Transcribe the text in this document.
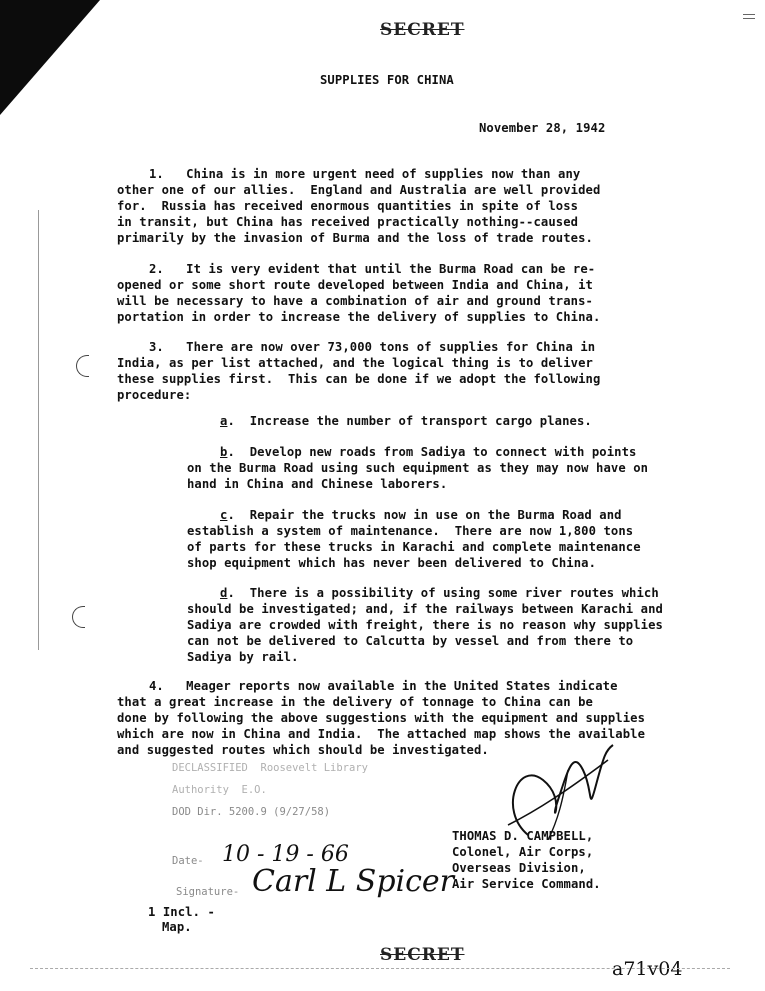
SECRET
SUPPLIES FOR CHINA
November 28, 1942
1.   China is in more urgent need of supplies now than any
other one of our allies.  England and Australia are well provided
for.  Russia has received enormous quantities in spite of loss
in transit, but China has received practically nothing--caused
primarily by the invasion of Burma and the loss of trade routes.
2.   It is very evident that until the Burma Road can be re-
opened or some short route developed between India and China, it
will be necessary to have a combination of air and ground trans-
portation in order to increase the delivery of supplies to China.
3.   There are now over 73,000 tons of supplies for China in
India, as per list attached, and the logical thing is to deliver
these supplies first.  This can be done if we adopt the following
procedure:
a.  Increase the number of transport cargo planes.
b.  Develop new roads from Sadiya to connect with points
on the Burma Road using such equipment as they may now have on
hand in China and Chinese laborers.
c.  Repair the trucks now in use on the Burma Road and
establish a system of maintenance.  There are now 1,800 tons
of parts for these trucks in Karachi and complete maintenance
shop equipment which has never been delivered to China.
d.  There is a possibility of using some river routes which
should be investigated; and, if the railways between Karachi and
Sadiya are crowded with freight, there is no reason why supplies
can not be delivered to Calcutta by vessel and from there to
Sadiya by rail.
4.   Meager reports now available in the United States indicate
that a great increase in the delivery of tonnage to China can be
done by following the above suggestions with the equipment and supplies
which are now in China and India.  The attached map shows the available
and suggested routes which should be investigated.
DECLASSIFIED  Roosevelt Library
Authority  E.O.
DOD Dir. 5200.9 (9/27/58)
Date- 10 - 19 - 66
Signature- Carl L Spicer
THOMAS D. CAMPBELL,
Colonel, Air Corps,
Overseas Division,
Air Service Command.
1 Incl. -
Map.
SECRET
a71v04
